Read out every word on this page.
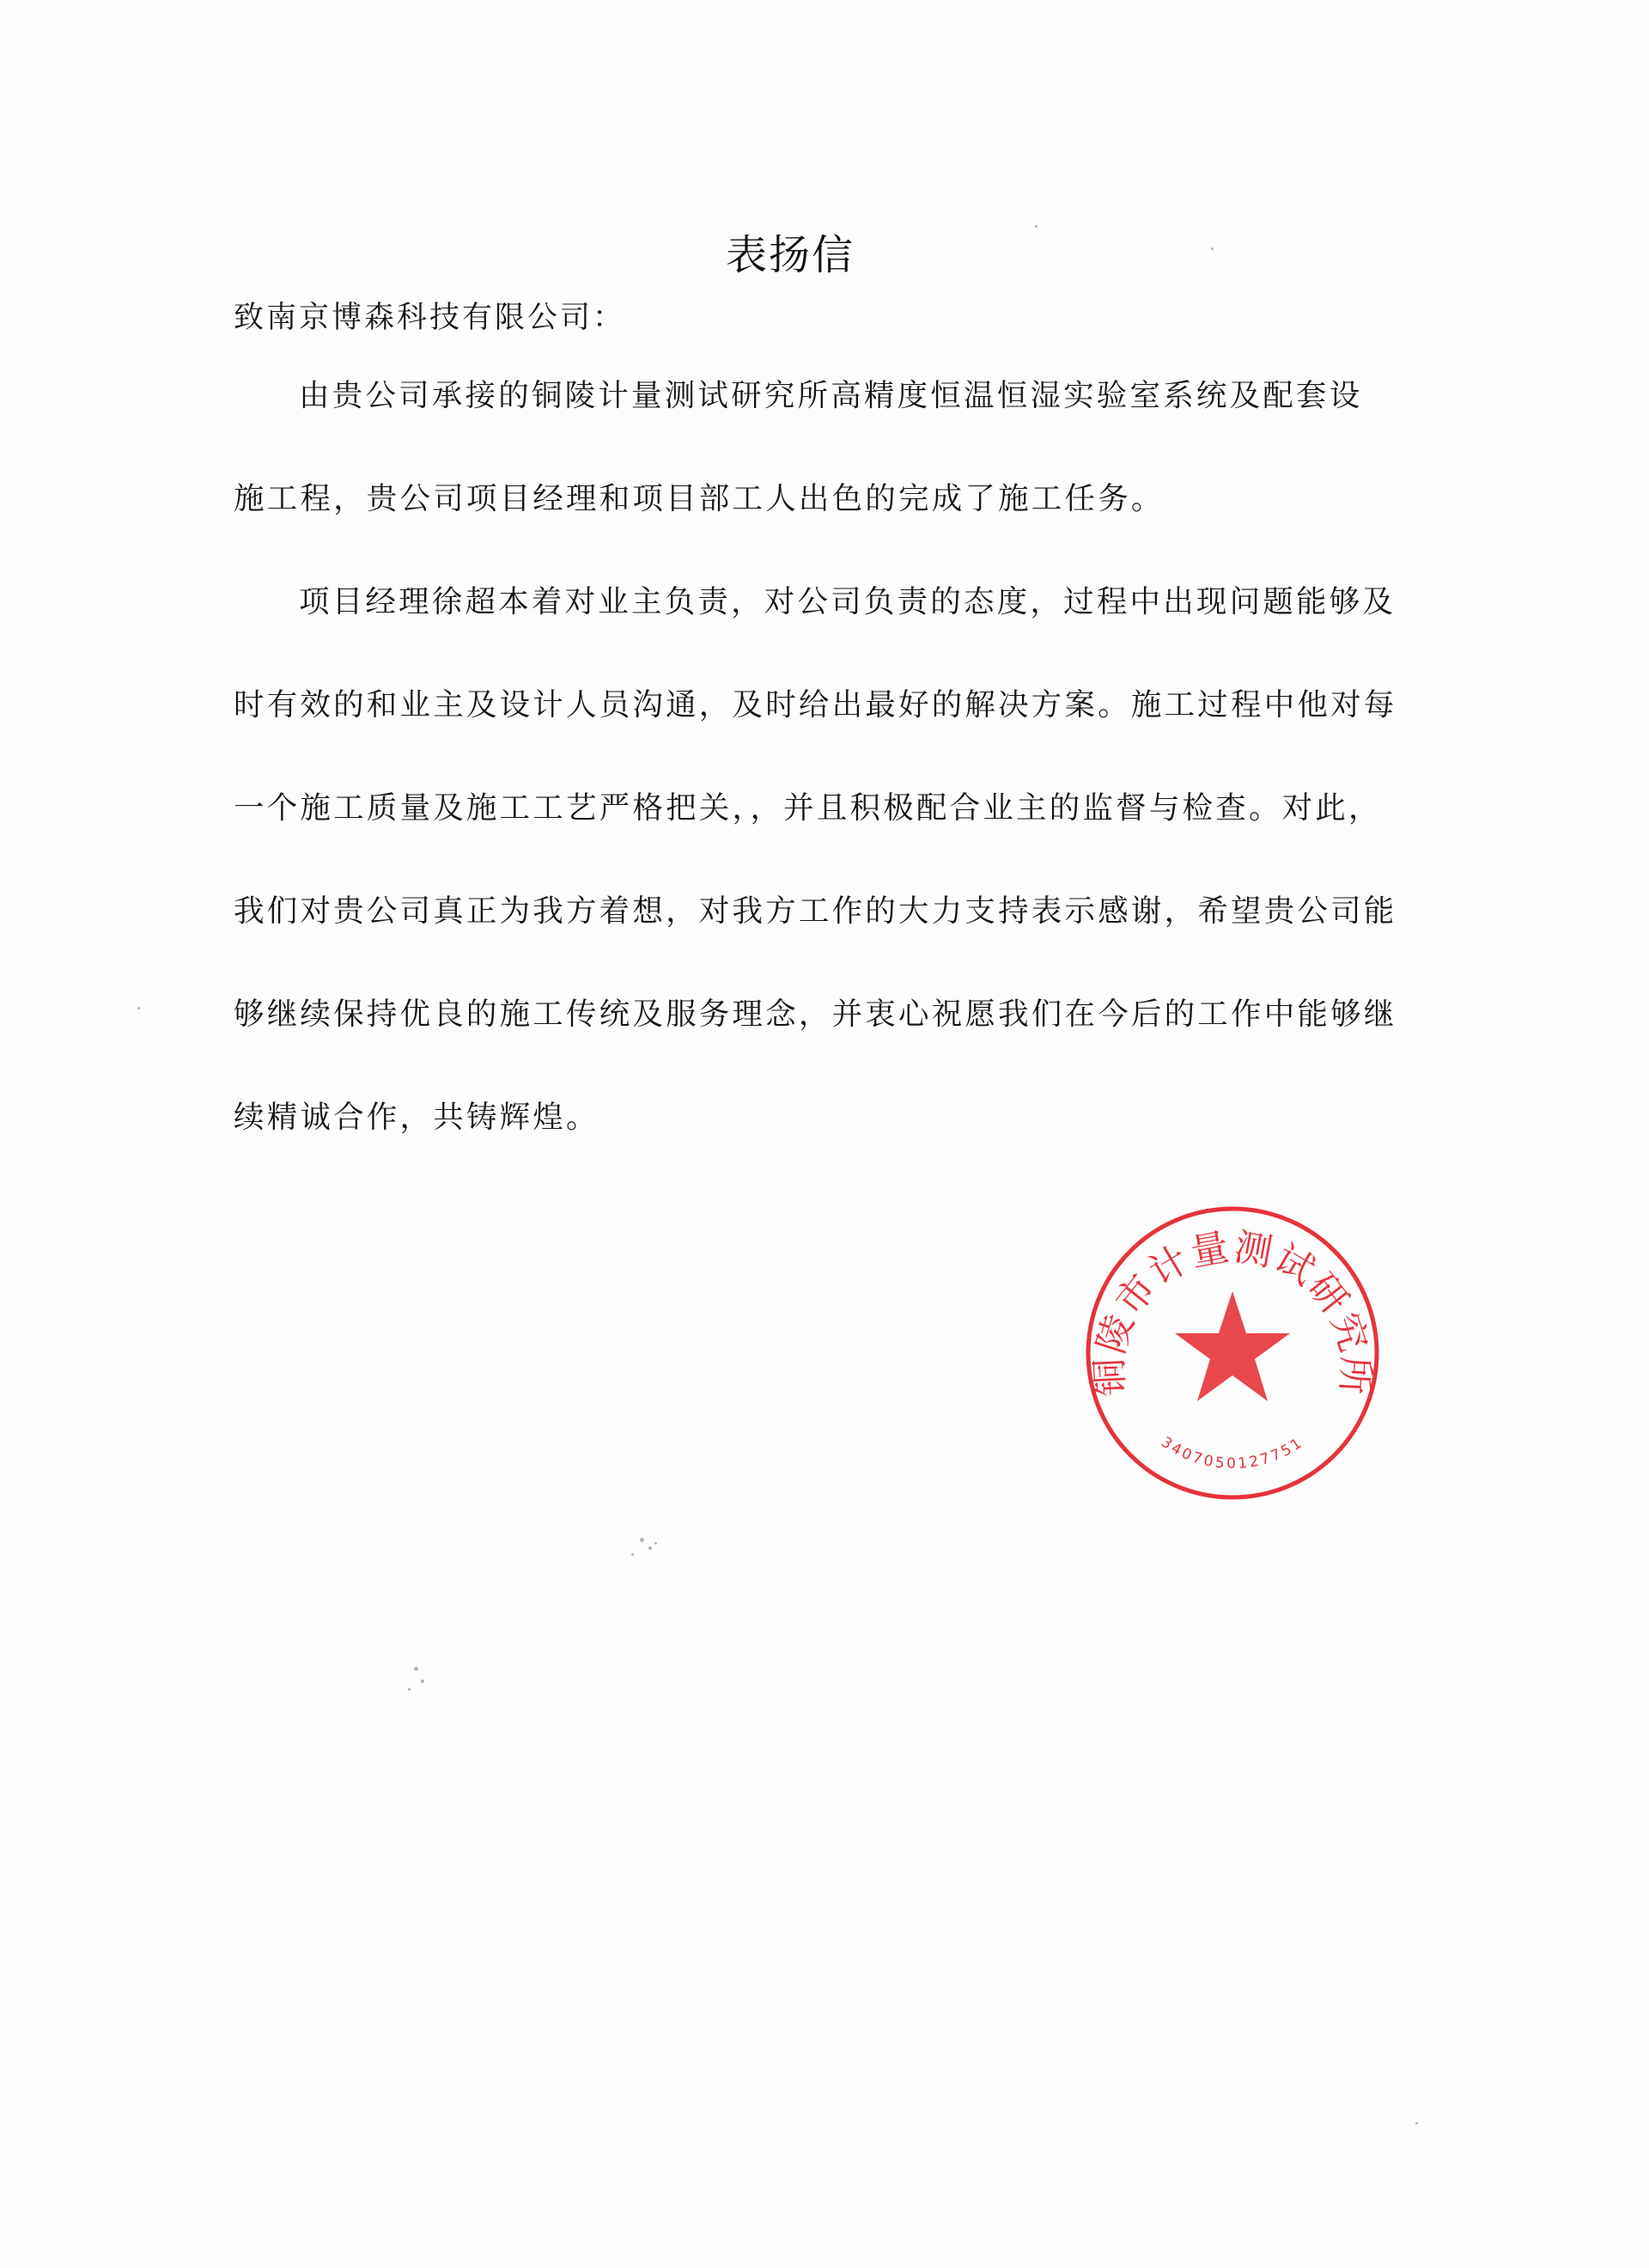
表扬信
致南京博森科技有限公司：
由贵公司承接的铜陵计量测试研究所高精度恒温恒湿实验室系统及配套设
施工程，贵公司项目经理和项目部工人出色的完成了施工任务。
项目经理徐超本着对业主负责，对公司负责的态度，过程中出现问题能够及
时有效的和业主及设计人员沟通，及时给出最好的解决方案。施工过程中他对每
一个施工质量及施工工艺严格把关，，并且积极配合业主的监督与检查。对此，
我们对贵公司真正为我方着想，对我方工作的大力支持表示感谢，希望贵公司能
够继续保持优良的施工传统及服务理念，并衷心祝愿我们在今后的工作中能够继
续精诚合作，共铸辉煌。
铜陵市计量测试研究所
3407050127751
